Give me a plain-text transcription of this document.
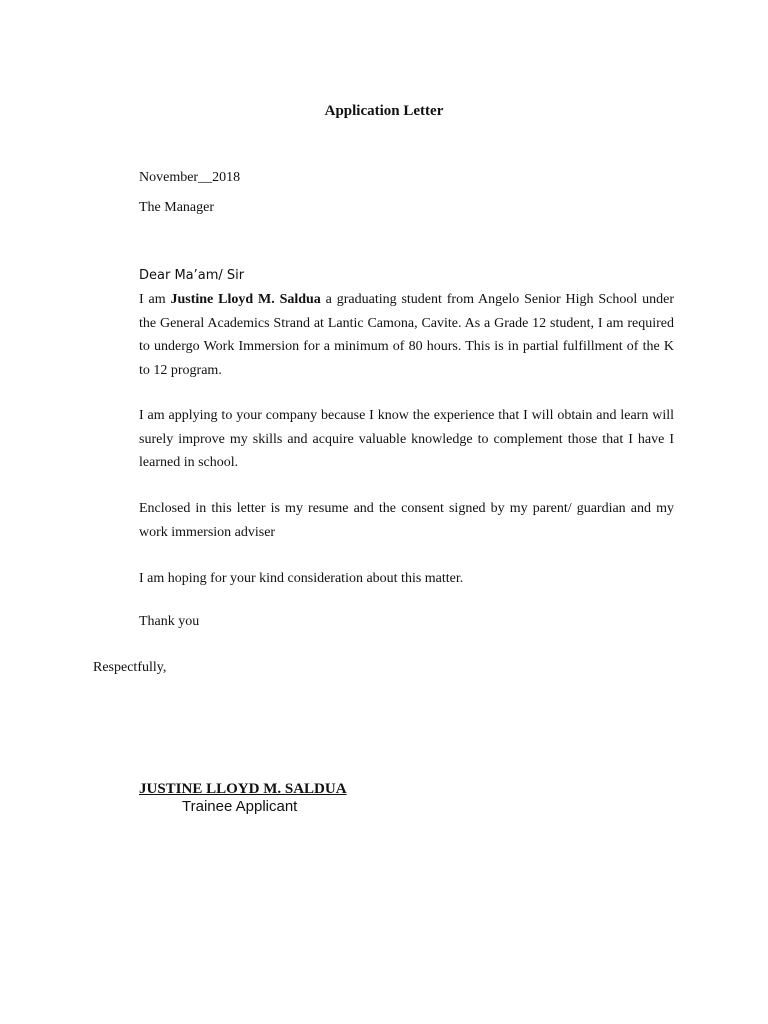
Application Letter
November__2018
The Manager
Dear Ma’am/ Sir

I am Justine Lloyd M. Saldua a graduating student from Angelo Senior High School under the General Academics Strand at Lantic Camona, Cavite. As a Grade 12 student, I am required to undergo Work Immersion for a minimum of 80 hours. This is in partial fulfillment of the K to 12 program.

I am applying to your company because I know the experience that I will obtain and learn will surely improve my skills and acquire valuable knowledge to complement those that I have I learned in school.

Enclosed in this letter is my resume and the consent signed by my parent/ guardian and my work immersion adviser

I am hoping for your kind consideration about this matter.

Thank you
Respectfully,
JUSTINE LLOYD M. SALDUA
Trainee Applicant
